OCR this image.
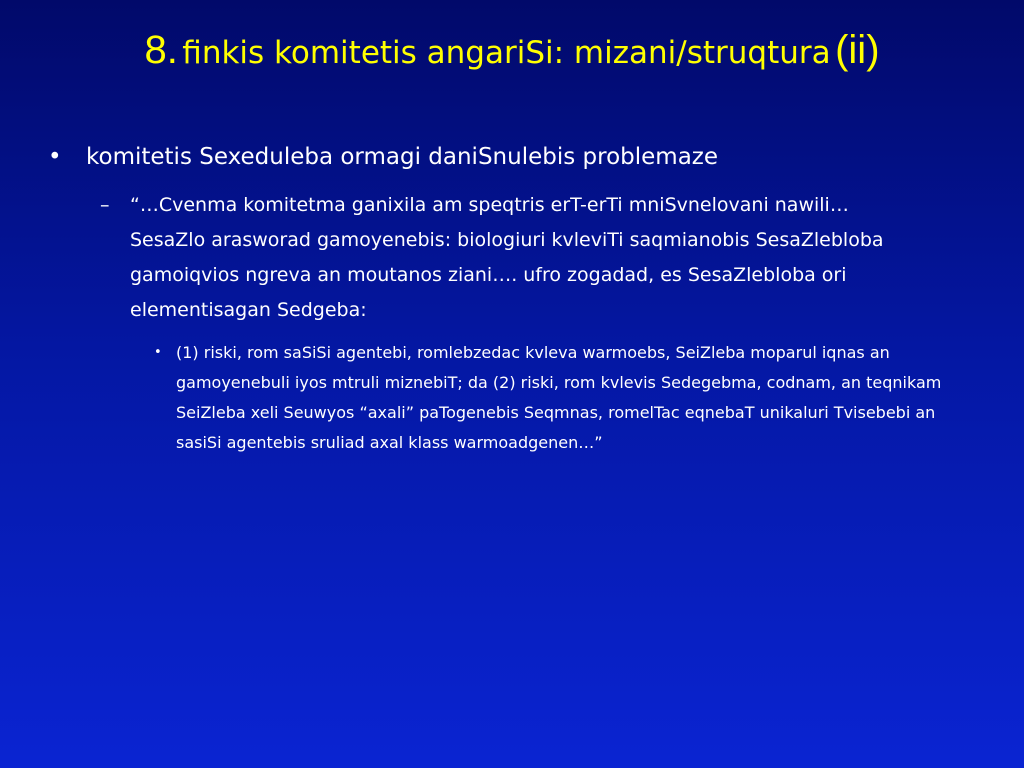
8. finkis komitetis angariSi: mizani/struqtura (ii)
• komitetis Sexeduleba ormagi daniSnulebis problemaze
– “…Cvenma komitetma ganixila am speqtris erT-erTi mniSvnelovani nawili…SesaZlo arasworad gamoyenebis: biologiuri kvleviTi saqmianobis SesaZlebloba gamoiqvios ngreva an moutanos ziani…. ufro zogadad, es SesaZlebloba ori elementisagan Sedgeba:
• (1) riski, rom saSiSi agentebi, romlebzedac kvleva warmoebs, SeiZleba moparul iqnas an gamoyenebuli iyos mtruli miznebiT; da (2) riski, rom kvlevis Sedegebma, codnam, an teqnikam SeiZleba xeli Seuwyos “axali” paTogenebis Seqmnas, romelTac eqnebaT unikaluri Tvisebebi an sasiSi agentebis sruliad axal klass warmoadgenen…”
